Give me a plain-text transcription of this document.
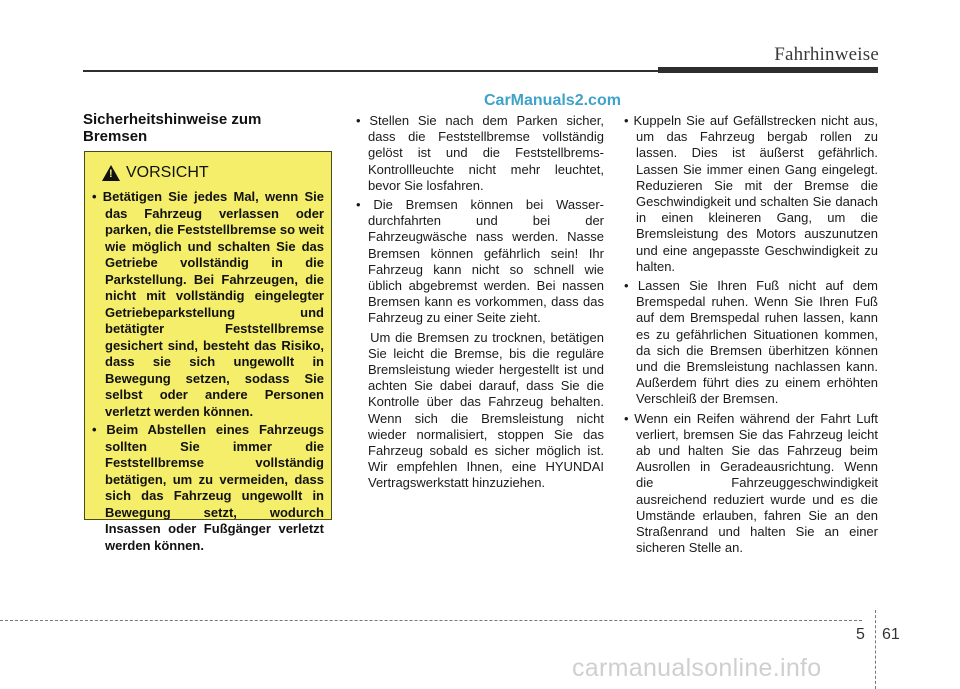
Fahrhinweise
CarManuals2.com
Sicherheitshinweise zum Bremsen
! VORSICHT
• Betätigen Sie jedes Mal, wenn Sie das Fahrzeug verlassen oder parken, die Feststellbremse so weit wie möglich und schalten Sie das Getriebe vollständig in die Parkstellung. Bei Fahrzeugen, die nicht mit vollständig eingelegter Getriebeparkstellung und betätigter Feststellbremse gesichert sind, besteht das Risiko, dass sie sich ungewollt in Bewegung setzen, sodass Sie selbst oder andere Personen verletzt werden können.
• Beim Abstellen eines Fahrzeugs sollten Sie immer die Feststellbremse vollständig betätigen, um zu vermeiden, dass sich das Fahrzeug ungewollt in Bewegung setzt, wodurch Insassen oder Fußgänger verletzt werden können.

• Stellen Sie nach dem Parken sicher, dass die Feststellbremse vollständig gelöst ist und die Feststellbrems-Kontrollleuchte nicht mehr leuchtet, bevor Sie losfahren.

• Die Bremsen können bei Wasser-durchfahrten und bei der Fahrzeugwäsche nass werden. Nasse Bremsen können gefährlich sein! Ihr Fahrzeug kann nicht so schnell wie üblich abgebremst werden. Bei nassen Bremsen kann es vorkommen, dass das Fahrzeug zu einer Seite zieht.

Um die Bremsen zu trocknen, betätigen Sie leicht die Bremse, bis die reguläre Bremsleistung wieder hergestellt ist und achten Sie dabei darauf, dass Sie die Kontrolle über das Fahrzeug behalten. Wenn sich die Bremsleistung nicht wieder normalisiert, stoppen Sie das Fahrzeug sobald es sicher möglich ist. Wir empfehlen Ihnen, eine HYUNDAI Vertragswerkstatt hinzuziehen.

• Kuppeln Sie auf Gefällstrecken nicht aus, um das Fahrzeug bergab rollen zu lassen. Dies ist äußerst gefährlich. Lassen Sie immer einen Gang eingelegt. Reduzieren Sie mit der Bremse die Geschwindigkeit und schalten Sie danach in einen kleineren Gang, um die Bremsleistung des Motors auszunutzen und eine angepasste Geschwindigkeit zu halten.

• Lassen Sie Ihren Fuß nicht auf dem Bremspedal ruhen. Wenn Sie Ihren Fuß auf dem Bremspedal ruhen lassen, kann es zu gefährlichen Situationen kommen, da sich die Bremsen überhitzen können und die Bremsleistung nachlassen kann. Außerdem führt dies zu einem erhöhten Verschleiß der Bremsen.

• Wenn ein Reifen während der Fahrt Luft verliert, bremsen Sie das Fahrzeug leicht ab und halten Sie das Fahrzeug beim Ausrollen in Geradeausrichtung. Wenn die Fahrzeuggeschwindigkeit ausreichend reduziert wurde und es die Umstände erlauben, fahren Sie an den Straßenrand und halten Sie an einer sicheren Stelle an.

5 61
carmanualsonline.info
